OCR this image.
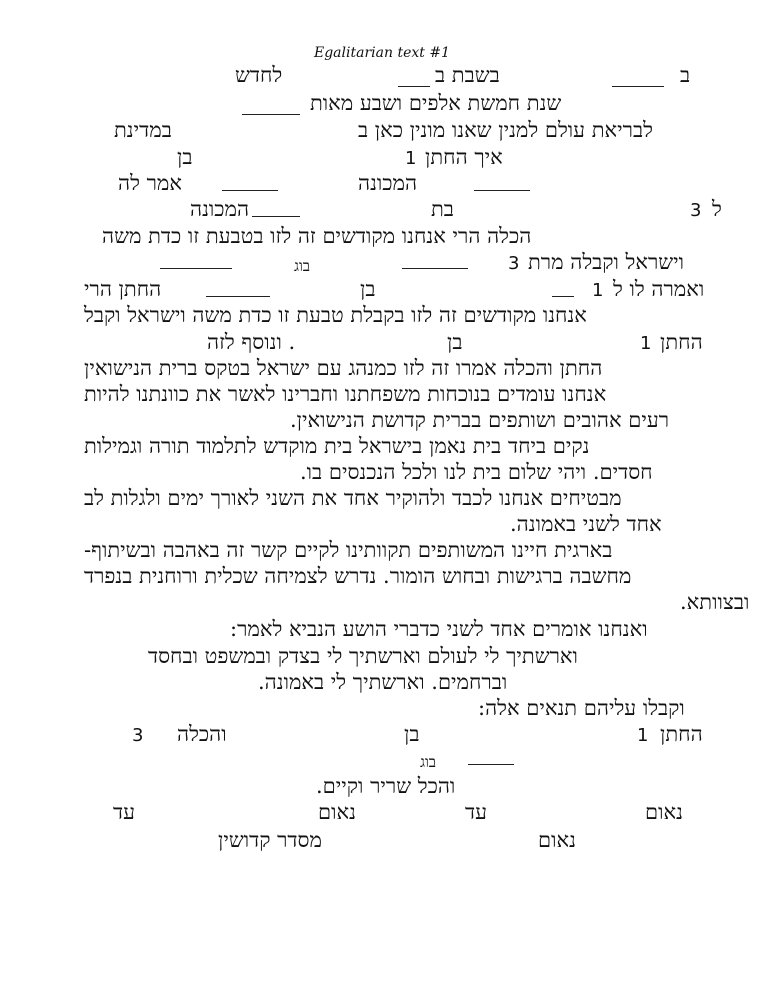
Egalitarian text #1
ב
בשבת ב
לחדש
שנת חמשת אלפים ושבע מאות
לבריאת עולם למנין שאנו מונין כאן ב
במדינת
איך החתן
1
בן
המכונה
אמר לה
ל
3
בת
המכונה
הכלה הרי אנחנו מקודשים זה לזו בטבעת זו כדת משה
וישראל וקבלה מרת
3
בוג
ואמרה לו ל
1
בן
החתן הרי
אנחנו מקודשים זה לזו בקבלת טבעת זו כדת משה וישראל וקבל
החתן
1
בן
. ונוסף לזה
החתן והכלה אמרו זה לזו כמנהג עם ישראל בטקס ברית הנישואין
אנחנו עומדים בנוכחות משפחתנו וחברינו לאשר את כוונתנו להיות
רעים אהובים ושותפים בברית קדושת הנישואין.
נקים ביחד בית נאמן בישראל בית מוקדש לתלמוד תורה וגמילות
חסדים. ויהי שלום בית לנו ולכל הנכנסים בו.
מבטיחים אנחנו לכבד ולהוקיר אחד את השני לאורך ימים ולגלות לב
אחד לשני באמונה.
בארגית חיינו המשותפים תקוותינו לקיים קשר זה באהבה ובשיתוף-
מחשבה ברגישות ובחוש הומור. נדרש לצמיחה שכלית ורוחנית בנפרד
ובצוותא.
ואנחנו אומרים אחד לשני כדברי הושע הנביא לאמר:
וארשתיך לי לעולם וארשתיך לי בצדק ובמשפט ובחסד
וברחמים. וארשתיך לי באמונה.
וקבלו עליהם תנאים אלה:
החתן
1
בן
והכלה
3
בוג
והכל שריר וקיים.
נאום
עד
נאום
עד
נאום
מסדר קדושין
